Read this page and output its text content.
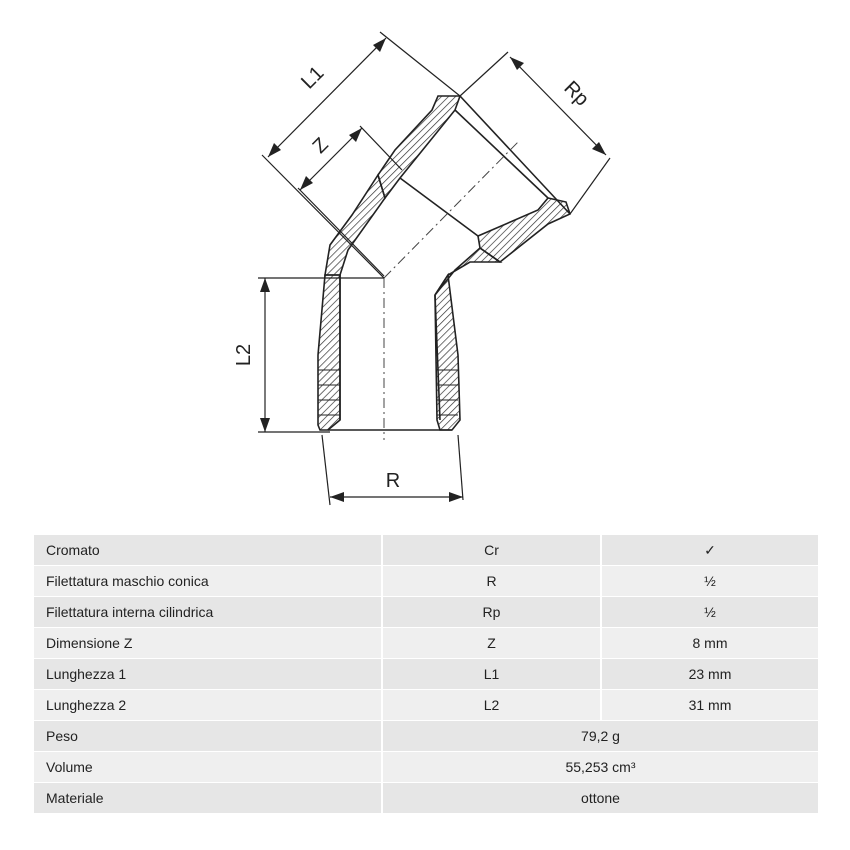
L2
R
L1
Z
Rp
Cromato	Cr	✓
Filettatura maschio conica	R	½
Filettatura interna cilindrica	Rp	½
Dimensione Z	Z	8 mm
Lunghezza 1	L1	23 mm
Lunghezza 2	L2	31 mm
Peso	79,2 g
Volume	55,253 cm³
Materiale	ottone
